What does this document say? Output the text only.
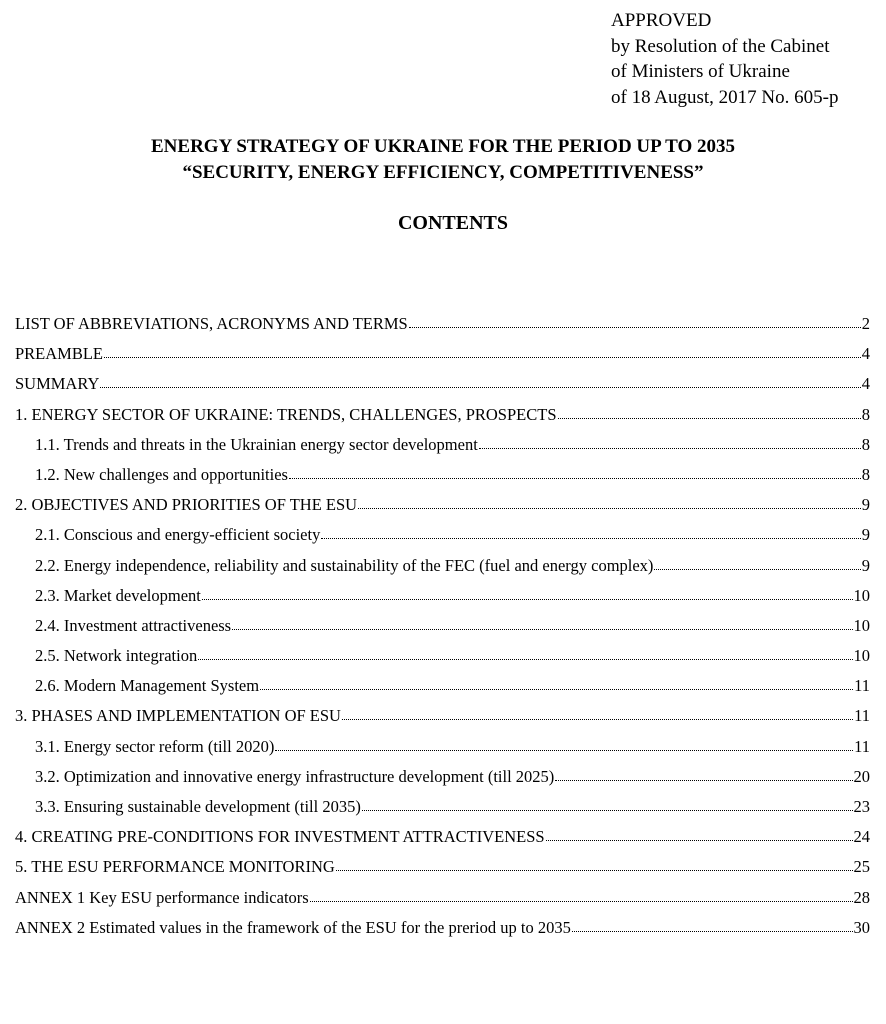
APPROVED
by Resolution of the Cabinet
of Ministers of Ukraine
of 18 August, 2017 No. 605-p
ENERGY STRATEGY OF UKRAINE FOR THE PERIOD UP TO 2035
“SECURITY, ENERGY EFFICIENCY, COMPETITIVENESS”
CONTENTS
LIST OF ABBREVIATIONS, ACRONYMS AND TERMS	2
PREAMBLE	4
SUMMARY	4
1. ENERGY SECTOR OF UKRAINE: TRENDS, CHALLENGES, PROSPECTS	8
1.1. Trends and threats in the Ukrainian energy sector development	8
1.2. New challenges and opportunities	8
2. OBJECTIVES AND PRIORITIES OF THE ESU	9
2.1. Conscious and energy-efficient society	9
2.2. Energy independence, reliability and sustainability of the FEC (fuel and energy complex)	9
2.3. Market development	10
2.4. Investment attractiveness	10
2.5. Network integration	10
2.6. Modern Management System	11
3. PHASES AND IMPLEMENTATION OF ESU	11
3.1. Energy sector reform (till 2020)	11
3.2. Optimization and innovative energy infrastructure development (till 2025)	20
3.3. Ensuring sustainable development (till 2035)	23
4. CREATING PRE-CONDITIONS FOR INVESTMENT ATTRACTIVENESS	24
5. THE ESU PERFORMANCE MONITORING	25
ANNEX 1 Key ESU performance indicators	28
ANNEX 2 Estimated values in the framework of the ESU for the preriod up to 2035	30
